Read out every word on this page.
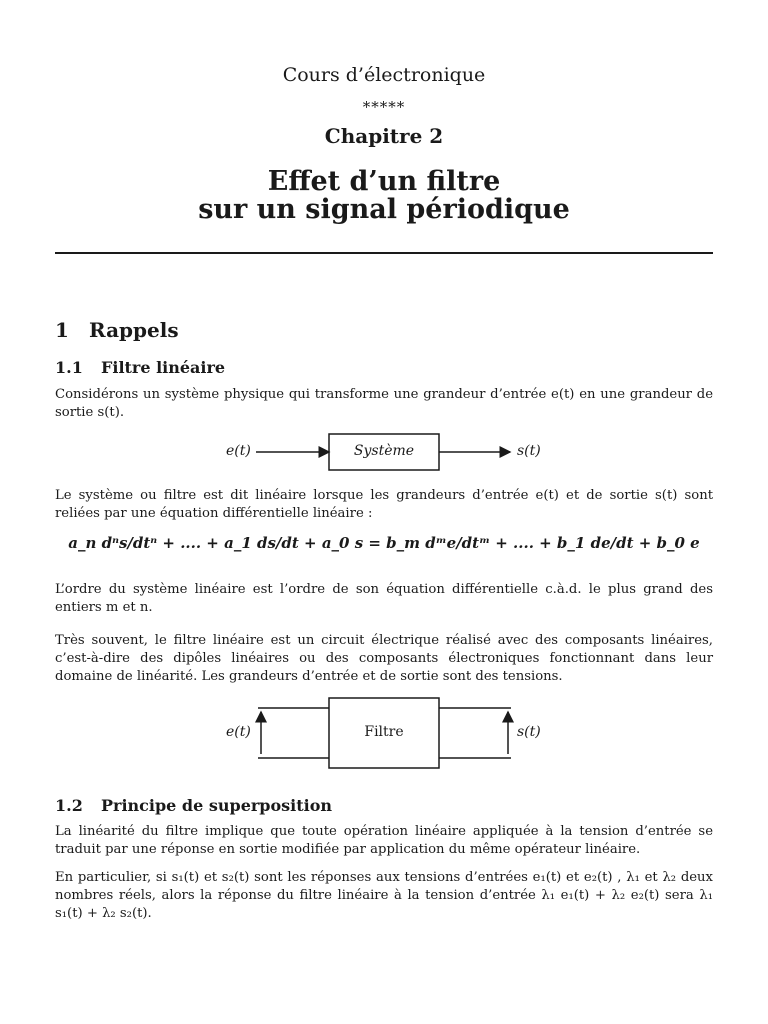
Cours d’électronique
*****
Chapitre 2
Effet d’un filtre
sur un signal périodique
1 Rappels
1.1 Filtre linéaire
Considérons un système physique qui transforme une grandeur d’entrée e(t) en une grandeur de sortie s(t).
e(t)	Système	s(t)
Le système ou filtre est dit linéaire lorsque les grandeurs d’entrée e(t) et de sortie s(t) sont reliées par une équation différentielle linéaire :
a_n dⁿs/dtⁿ + .... + a_1 ds/dt + a_0 s = b_m dᵐe/dtᵐ + .... + b_1 de/dt + b_0 e
L’ordre du système linéaire est l’ordre de son équation différentielle c.à.d. le plus grand des entiers m et n.
Très souvent, le filtre linéaire est un circuit électrique réalisé avec des composants linéaires, c’est-à-dire des dipôles linéaires ou des composants électroniques fonctionnant dans leur domaine de linéarité. Les grandeurs d’entrée et de sortie sont des tensions.
e(t)	Filtre	s(t)
1.2 Principe de superposition
La linéarité du filtre implique que toute opération linéaire appliquée à la tension d’entrée se traduit par une réponse en sortie modifiée par application du même opérateur linéaire.
En particulier, si s₁(t) et s₂(t) sont les réponses aux tensions d’entrées e₁(t) et e₂(t) , λ₁ et λ₂ deux nombres réels, alors la réponse du filtre linéaire à la tension d’entrée λ₁ e₁(t) + λ₂ e₂(t) sera λ₁ s₁(t) + λ₂ s₂(t).
